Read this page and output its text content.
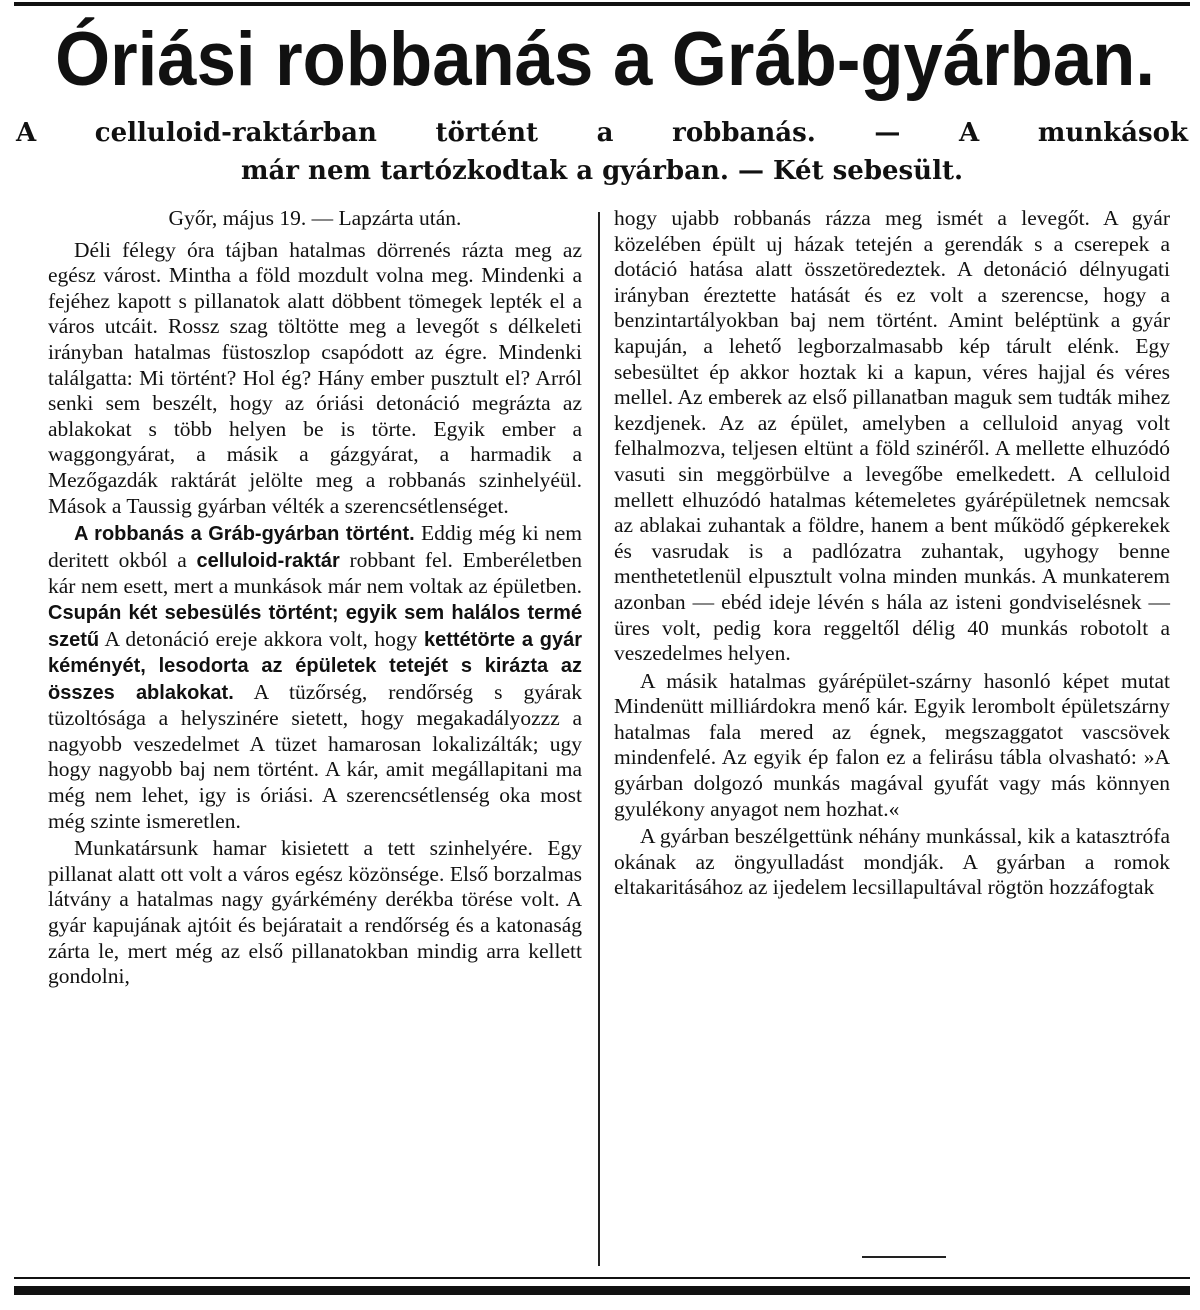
Óriási robbanás a Gráb-gyárban.
A celluloid-raktárban történt a robbanás. — A munkások
már nem tartózkodtak a gyárban. — Két sebesült.

Győr, május 19. — Lapzárta után.

Déli félegy óra tájban hatalmas dörrenés rázta meg az egész várost. Mintha a föld mozdult volna meg. Mindenki a fejéhez kapott s pillanatok alatt döbbent tömegek lepték el a város utcáit. Rossz szag töltötte meg a levegőt s délkeleti irányban hatalmas füstoszlop csapódott az égre. Mindenki találgatta: Mi történt? Hol ég? Hány ember pusztult el? Arról senki sem beszélt, hogy az óriási detonáció megrázta az ablakokat s több helyen be is törte. Egyik ember a waggongyárat, a másik a gázgyárat, a harmadik a Mezőgazdák raktárát jelölte meg a robbanás szinhelyéül. Mások a Taussig gyárban vélték a szerencsétlenséget.

A robbanás a Gráb-gyárban történt. Eddig még ki nem deritett okból a celluloid-raktár robbant fel. Emberéletben kár nem esett, mert a munkások már nem voltak az épületben. Csupán két sebesülés történt; egyik sem halálos termé szetű A detonáció ereje akkora volt, hogy kettétörte a gyár kéményét, lesodorta az épületek tetejét s kirázta az összes ablakokat. A tüzőrség, rendőrség s gyárak tüzoltósága a helyszinére sietett, hogy megakadályozzz a nagyobb veszedelmet A tüzet hamarosan lokalizálták; ugy hogy nagyobb baj nem történt. A kár, amit megállapitani ma még nem lehet, igy is óriási. A szerencsétlenség oka most még szinte ismeretlen.

Munkatársunk hamar kisietett a tett szinhelyére. Egy pillanat alatt ott volt a város egész közönsége. Első borzalmas látvány a hatalmas nagy gyárkémény derékba törése volt. A gyár kapujának ajtóit és bejáratait a rendőrség és a katonaság zárta le, mert még az első pillanatokban mindig arra kellett gondolni,

hogy ujabb robbanás rázza meg ismét a levegőt. A gyár közelében épült uj házak tetején a gerendák s a cserepek a dotáció hatása alatt összetöredeztek. A detonáció délnyugati irányban éreztette hatását és ez volt a szerencse, hogy a benzintartályokban baj nem történt. Amint beléptünk a gyár kapuján, a lehető legborzalmasabb kép tárult elénk. Egy sebesültet ép akkor hoztak ki a kapun, véres hajjal és véres mellel. Az emberek az első pillanatban maguk sem tudták mihez kezdjenek. Az az épület, amelyben a celluloid anyag volt felhalmozva, teljesen eltünt a föld szinéről. A mellette elhuzódó vasuti sin meggörbülve a levegőbe emelkedett. A celluloid mellett elhuzódó hatalmas kétemeletes gyárépületnek nemcsak az ablakai zuhantak a földre, hanem a bent működő gépkerekek és vasrudak is a padlózatra zuhantak, ugyhogy benne menthetetlenül elpusztult volna minden munkás. A munkaterem azonban — ebéd ideje lévén s hála az isteni gondviselésnek — üres volt, pedig kora reggeltől délig 40 munkás robotolt a veszedelmes helyen.

A másik hatalmas gyárépület-szárny hasonló képet mutat Mindenütt milliárdokra menő kár. Egyik lerombolt épületszárny hatalmas fala mered az égnek, megszaggatot vascsövek mindenfelé. Az egyik ép falon ez a felirásu tábla olvasható: »A gyárban dolgozó munkás magával gyufát vagy más könnyen gyulékony anyagot nem hozhat.«

A gyárban beszélgettünk néhány munkással, kik a katasztrófa okának az öngyulladást mondják. A gyárban a romok eltakaritásához az ijedelem lecsillapultával rögtön hozzáfogtak
